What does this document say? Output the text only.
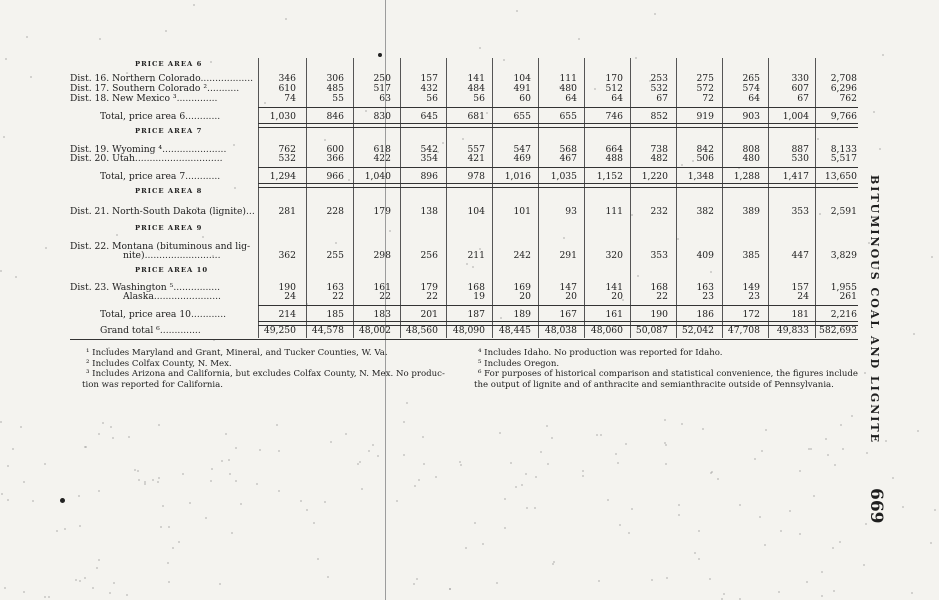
BITUMINOUS COAL AND LIGNITE
669
PRICE AREA 6
Dist. 16. Northern Colorado..................	346	306	250	157	141	104	111	170	253	275	265	330	2,708
Dist. 17. Southern Colorado ²...........	610	485	517	432	484	491	480	512	532	572	574	607	6,296
Dist. 18. New Mexico ³..............	74	55	63	56	56	60	64	64	67	72	64	67	762
Total, price area 6............	1,030	846	830	645	681	655	655	746	852	919	903	1,004	9,766
PRICE AREA 7
Dist. 19. Wyoming ⁴......................	762	600	618	542	557	547	568	664	738	842	808	887	8,133
Dist. 20. Utah..............................	532	366	422	354	421	469	467	488	482	506	480	530	5,517
Total, price area 7............	1,294	966	1,040	896	978	1,016	1,035	1,152	1,220	1,348	1,288	1,417	13,650
PRICE AREA 8
Dist. 21. North-South Dakota (lignite)...	281	228	179	138	104	101	93	111	232	382	389	353	2,591
PRICE AREA 9
Dist. 22. Montana (bituminous and lig-
nite)..........................	362	255	298	256	211	242	291	320	353	409	385	447	3,829
PRICE AREA 10
Dist. 23. Washington ⁵................	190	163	161	179	168	169	147	141	168	163	149	157	1,955
Alaska.......................	24	22	22	22	19	20	20	20	22	23	23	24	261
Total, price area 10............	214	185	183	201	187	189	167	161	190	186	172	181	2,216
Grand total ⁶..............	49,250	44,578	48,002	48,560	48,090	48,445	48,038	48,060	50,087	52,042	47,708	49,833	582,693
¹ Includes Maryland and Grant, Mineral, and Tucker Counties, W. Va.
² Includes Colfax County, N. Mex.
³ Includes Arizona and California, but excludes Colfax County, N. Mex. No produc-
tion was reported for California.
⁴ Includes Idaho. No production was reported for Idaho.
⁵ Includes Oregon.
⁶ For purposes of historical comparison and statistical convenience, the figures include
the output of lignite and of anthracite and semianthracite outside of Pennsylvania.
